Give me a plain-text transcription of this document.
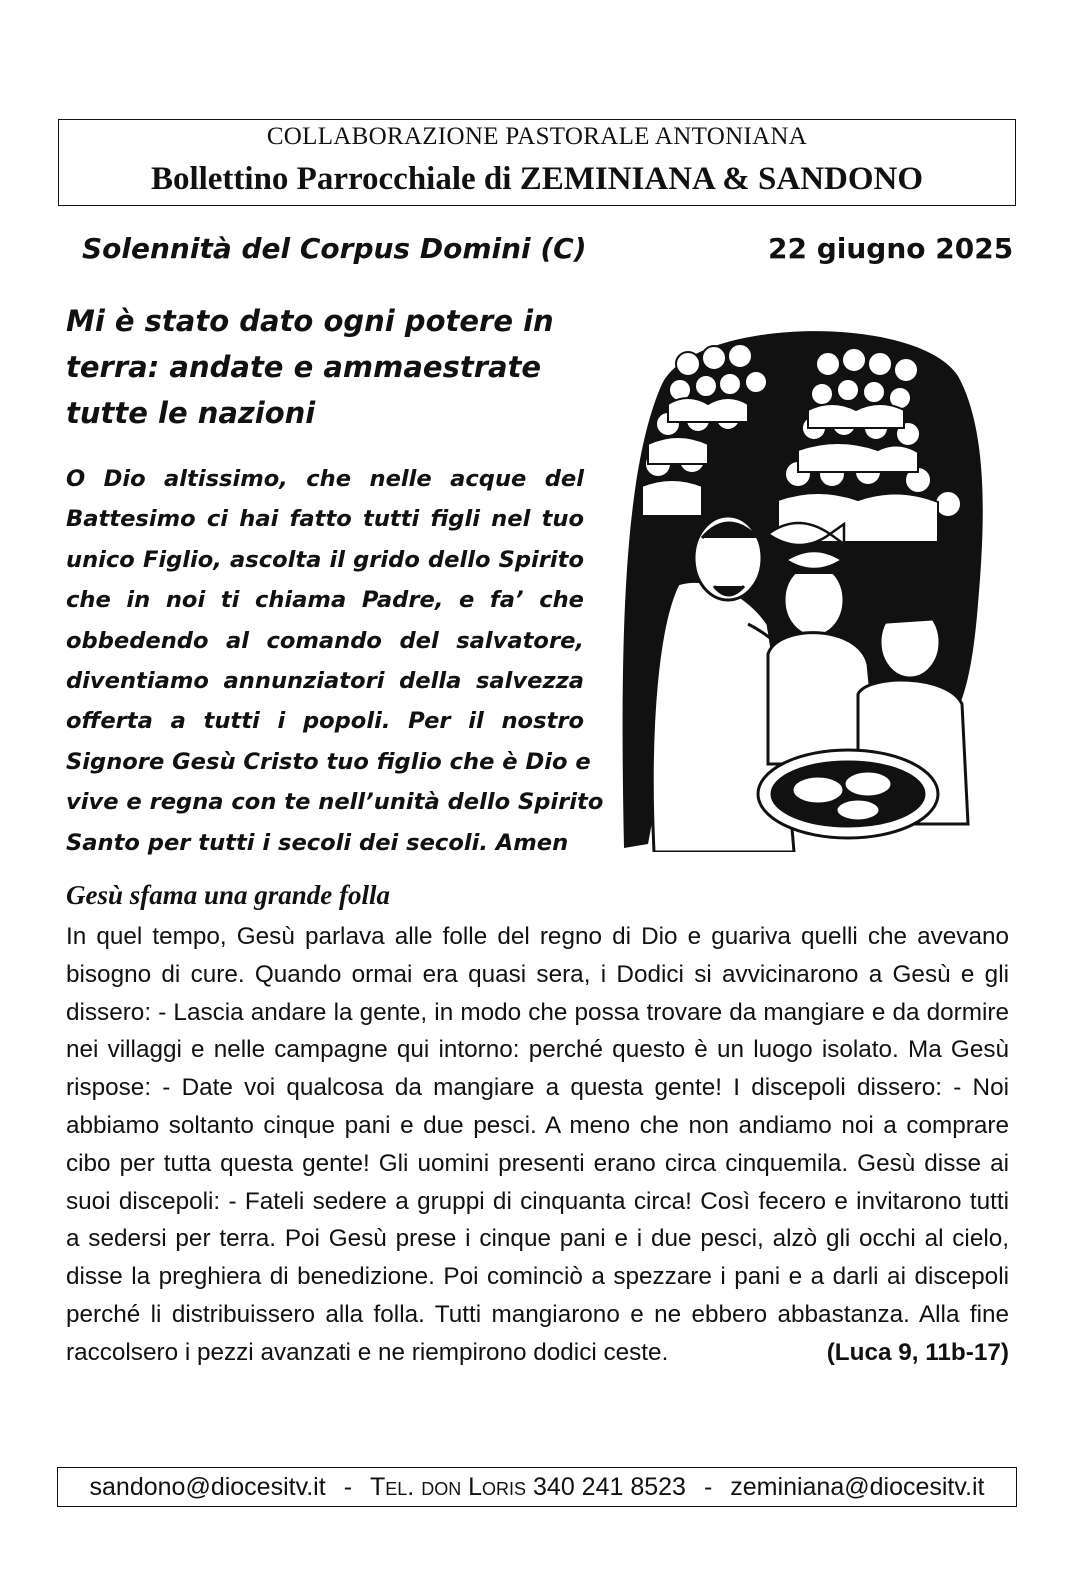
COLLABORAZIONE PASTORALE ANTONIANA
Bollettino Parrocchiale di ZEMINIANA & SANDONO
Solennità del Corpus Domini (C)	22 giugno 2025
Mi è stato dato ogni potere in
terra: andate e ammaestrate
tutte le nazioni

O Dio altissimo, che nelle acque del
Battesimo ci hai fatto tutti figli nel tuo
unico Figlio, ascolta il grido dello Spirito
che in noi ti chiama Padre, e fa’ che
obbedendo al comando del salvatore,
diventiamo annunziatori della salvezza
offerta a tutti i popoli. Per il nostro
Signore Gesù Cristo tuo figlio che è Dio e
vive e regna con te nell’unità dello Spirito
Santo per tutti i secoli dei secoli. Amen

Gesù sfama una grande folla

In quel tempo, Gesù parlava alle folle del regno di Dio e guariva quelli che avevano
bisogno di cure. Quando ormai era quasi sera, i Dodici si avvicinarono a Gesù e gli
dissero: - Lascia andare la gente, in modo che possa trovare da mangiare e da dormire
nei villaggi e nelle campagne qui intorno: perché questo è un luogo isolato. Ma Gesù
rispose: - Date voi qualcosa da mangiare a questa gente! I discepoli dissero: - Noi
abbiamo soltanto cinque pani e due pesci. A meno che non andiamo noi a comprare
cibo per tutta questa gente! Gli uomini presenti erano circa cinquemila. Gesù disse ai
suoi discepoli: - Fateli sedere a gruppi di cinquanta circa! Così fecero e invitarono tutti
a sedersi per terra. Poi Gesù prese i cinque pani e i due pesci, alzò gli occhi al cielo,
disse la preghiera di benedizione. Poi cominciò a spezzare i pani e a darli ai discepoli
perché li distribuissero alla folla. Tutti mangiarono e ne ebbero abbastanza. Alla fine
raccolsero i pezzi avanzati e ne riempirono dodici ceste.	(Luca 9, 11b-17)

sandono@diocesitv.it - Tel. don Loris 340 241 8523 - zeminiana@diocesitv.it
